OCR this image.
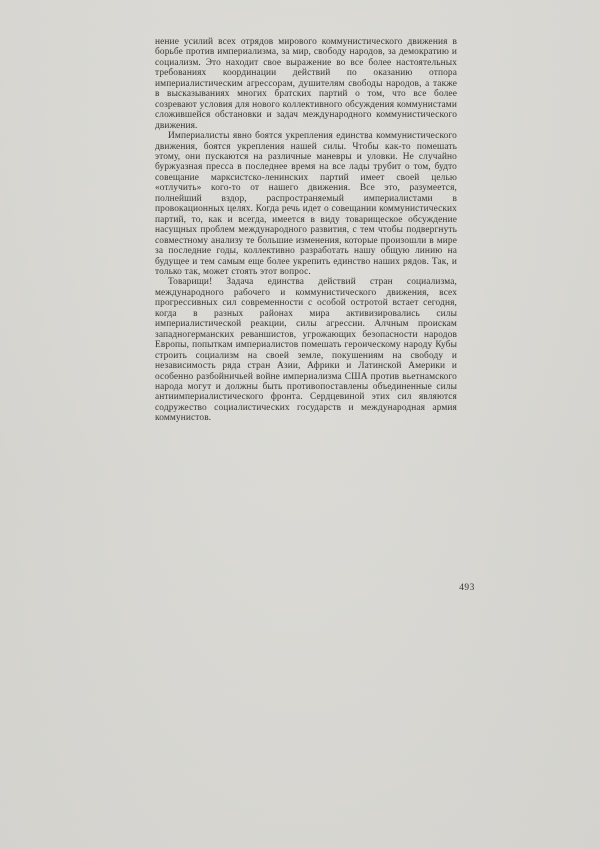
нение усилий всех отрядов мирового коммунистического движения в борьбе против империализма, за мир, свободу народов, за демократию и социализм. Это находит свое выражение во все более настоятельных требованиях координации действий по оказанию отпора империалистическим агрессорам, душителям свободы народов, а также в высказываниях многих братских партий о том, что все более созревают условия для нового коллективного обсуждения коммунистами сложившейся обстановки и задач международного коммунистического движения.

Империалисты явно боятся укрепления единства коммунистического движения, боятся укрепления нашей силы. Чтобы как-то помешать этому, они пускаются на различные маневры и уловки. Не случайно буржуазная пресса в последнее время на все лады трубит о том, будто совещание марксистско-ленинских партий имеет своей целью «отлучить» кого-то от нашего движения. Все это, разумеется, полнейший вздор, распространяемый империалистами в провокационных целях. Когда речь идет о совещании коммунистических партий, то, как и всегда, имеется в виду товарищеское обсуждение насущных проблем международного развития, с тем чтобы подвергнуть совместному анализу те большие изменения, которые произошли в мире за последние годы, коллективно разработать нашу общую линию на будущее и тем самым еще более укрепить единство наших рядов. Так, и только так, может стоять этот вопрос.

Товарищи! Задача единства действий стран социализма, международного рабочего и коммунистического движения, всех прогрессивных сил современности с особой остротой встает сегодня, когда в разных районах мира активизировались силы империалистической реакции, силы агрессии. Алчным проискам западногерманских реваншистов, угрожающих безопасности народов Европы, попыткам империалистов помешать героическому народу Кубы строить социализм на своей земле, покушениям на свободу и независимость ряда стран Азии, Африки и Латинской Америки и особенно разбойничьей войне империализма США против вьетнамского народа могут и должны быть противопоставлены объединенные силы антиимпериалистического фронта. Сердцевиной этих сил являются содружество социалистических государств и международная армия коммунистов.

493
